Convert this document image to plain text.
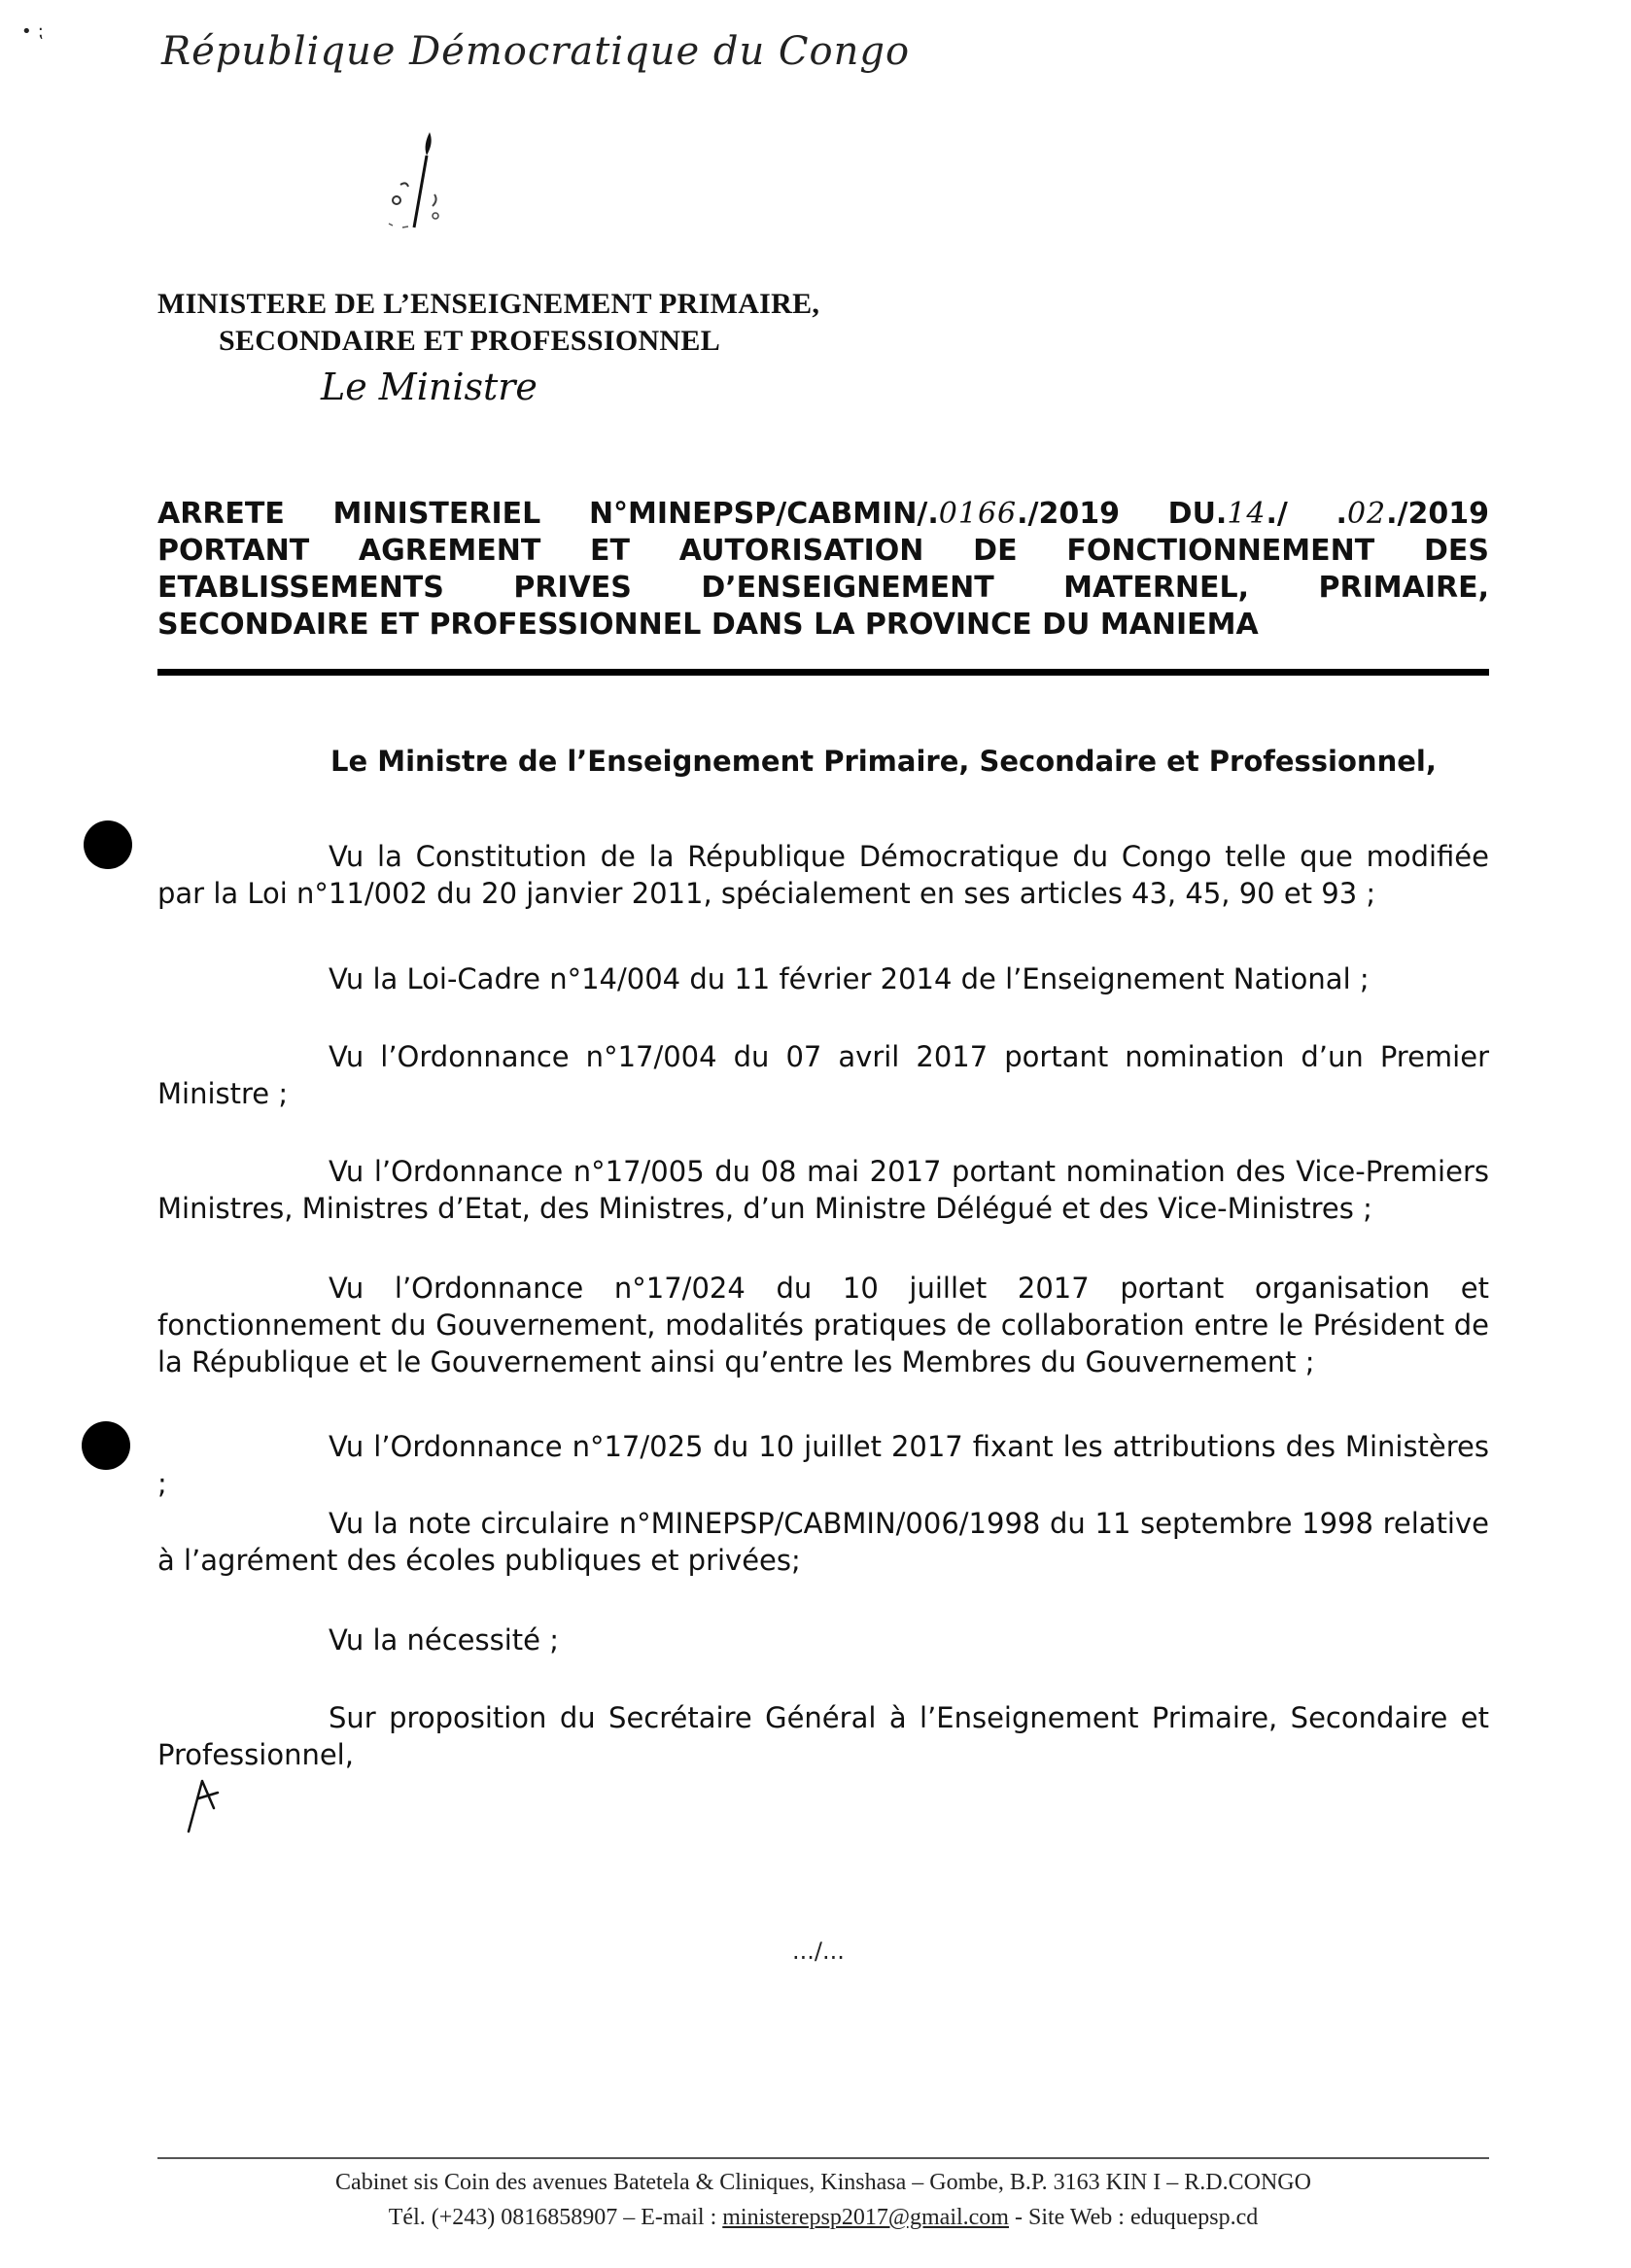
• ⁏	République Démocratique du Congo
MINISTERE DE L’ENSEIGNEMENT PRIMAIRE,
SECONDAIRE ET PROFESSIONNEL
Le Ministre
ARRETE MINISTERIEL N°MINEPSP/CABMIN/.0166./2019 DU.14./ .02./2019
PORTANT AGREMENT ET AUTORISATION DE FONCTIONNEMENT DES
ETABLISSEMENTS PRIVES D’ENSEIGNEMENT MATERNEL, PRIMAIRE,
SECONDAIRE ET PROFESSIONNEL DANS LA PROVINCE DU MANIEMA
Le Ministre de l’Enseignement Primaire, Secondaire et Professionnel,

Vu la Constitution de la République Démocratique du Congo telle que modifiée par la Loi n°11/002 du 20 janvier 2011, spécialement en ses articles 43, 45, 90 et 93 ;

Vu la Loi-Cadre n°14/004 du 11 février 2014 de l’Enseignement National ;

Vu l’Ordonnance n°17/004 du 07 avril 2017 portant nomination d’un Premier Ministre ;

Vu l’Ordonnance n°17/005 du 08 mai 2017 portant nomination des Vice-Premiers Ministres, Ministres d’Etat, des Ministres, d’un Ministre Délégué et des Vice-Ministres ;

Vu l’Ordonnance n°17/024 du 10 juillet 2017 portant organisation et fonctionnement du Gouvernement, modalités pratiques de collaboration entre le Président de la République et le Gouvernement ainsi qu’entre les Membres du Gouvernement ;

Vu l’Ordonnance n°17/025 du 10 juillet 2017 fixant les attributions des Ministères ;

Vu la note circulaire n°MINEPSP/CABMIN/006/1998 du 11 septembre 1998 relative à l’agrément des écoles publiques et privées;

Vu la nécessité ;

Sur proposition du Secrétaire Général à l’Enseignement Primaire, Secondaire et Professionnel,

.../...
Cabinet sis Coin des avenues Batetela & Cliniques, Kinshasa – Gombe, B.P. 3163 KIN I – R.D.CONGO
Tél. (+243) 0816858907 – E-mail : ministerepsp2017@gmail.com - Site Web : eduquepsp.cd
